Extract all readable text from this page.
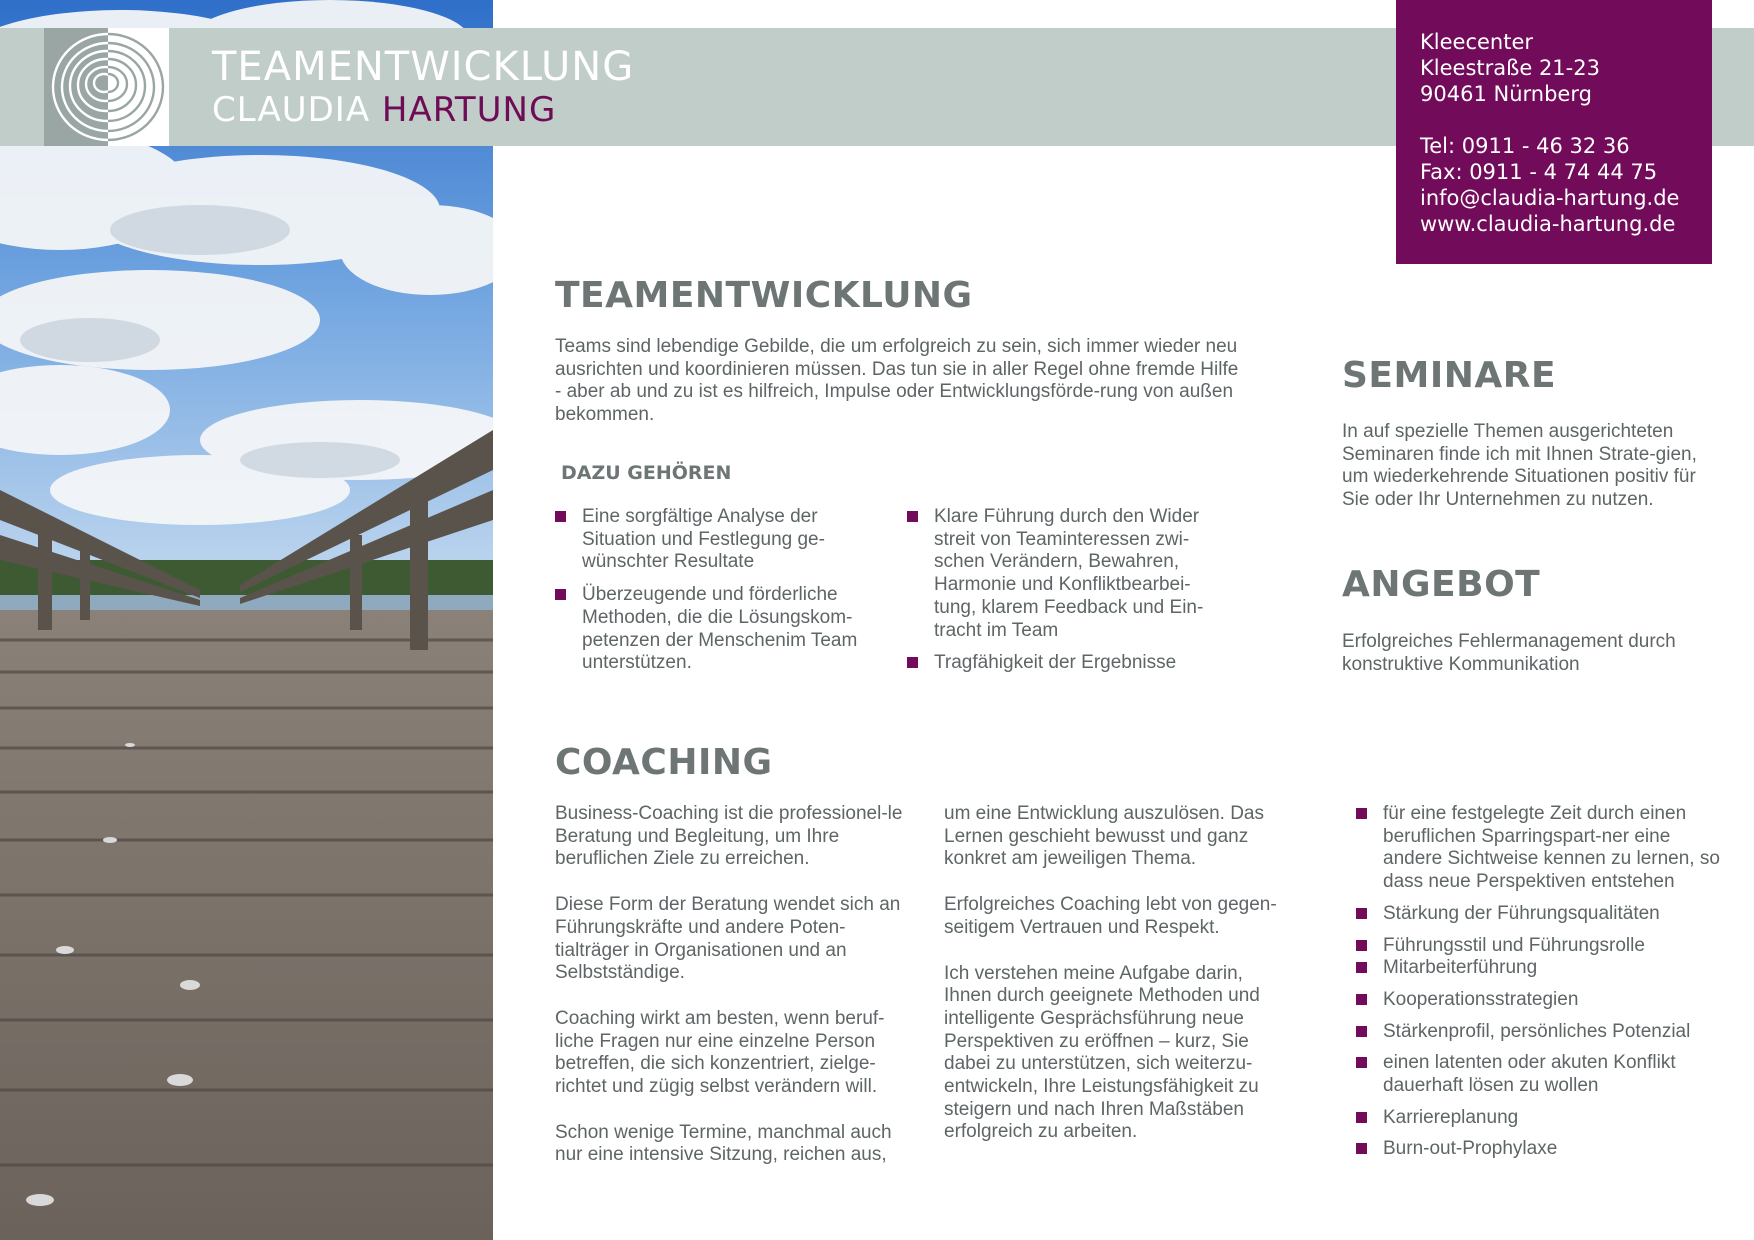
TEAMENTWICKLUNG
CLAUDIA HARTUNG
Kleecenter
Kleestraße 21-23
90461 Nürnberg
Tel: 0911 - 46 32 36
Fax: 0911 - 4 74 44 75
info@claudia-hartung.de
www.claudia-hartung.de
TEAMENTWICKLUNG

Teams sind lebendige Gebilde, die um erfolgreich zu sein, sich immer wieder neu ausrichten und koordinieren müssen. Das tun sie in aller Regel ohne fremde Hilfe - aber ab und zu ist es hilfreich, Impulse oder Entwicklungsförde-rung von außen bekommen.

DAZU GEHÖREN
Eine sorgfältige Analyse der Situation und Festlegung ge-wünschter Resultate
Überzeugende und förderliche Methoden, die die Lösungskom-petenzen der Menschenim Team unterstützen.
Klare Führung durch den Wider streit von Teaminteressen zwi-schen Verändern, Bewahren, Harmonie und Konfliktbearbei-tung, klarem Feedback und Ein-tracht im Team
Tragfähigkeit der Ergebnisse
SEMINARE
In auf spezielle Themen ausgerichteten Seminaren finde ich mit Ihnen Strate-gien, um wiederkehrende Situationen positiv für Sie oder Ihr Unternehmen zu nutzen.
ANGEBOT
Erfolgreiches Fehlermanagement durch konstruktive Kommunikation
COACHING

Business-Coaching ist die professionel-le Beratung und Begleitung, um Ihre beruflichen Ziele zu erreichen.

Diese Form der Beratung wendet sich an Führungskräfte und andere Poten-tialträger in Organisationen und an Selbstständige.

Coaching wirkt am besten, wenn beruf-liche Fragen nur eine einzelne Person betreffen, die sich konzentriert, zielge-richtet und zügig selbst verändern will.

Schon wenige Termine, manchmal auch nur eine intensive Sitzung, reichen aus,

um eine Entwicklung auszulösen. Das Lernen geschieht bewusst und ganz konkret am jeweiligen Thema.

Erfolgreiches Coaching lebt von gegen-seitigem Vertrauen und Respekt.

Ich verstehen meine Aufgabe darin, Ihnen durch geeignete Methoden und intelligente Gesprächsführung neue Perspektiven zu eröffnen – kurz, Sie dabei zu unterstützen, sich weiterzu-entwickeln, Ihre Leistungsfähigkeit zu steigern und nach Ihren Maßstäben erfolgreich zu arbeiten.

für eine festgelegte Zeit durch einen beruflichen Sparringspart-ner eine andere Sichtweise kennen zu lernen, so dass neue Perspektiven entstehen
Stärkung der Führungsqualitäten
Führungsstil und Führungsrolle
Mitarbeiterführung
Kooperationsstrategien
Stärkenprofil, persönliches Potenzial
einen latenten oder akuten Konflikt dauerhaft lösen zu wollen
Karriereplanung
Burn-out-Prophylaxe
